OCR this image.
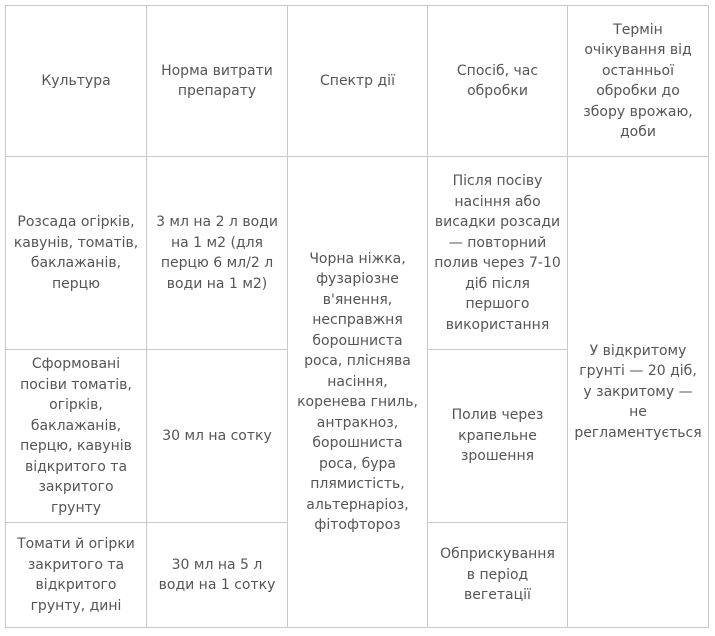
Культура	Норма витрати препарату	Спектр дії	Спосіб, час обробки	Термін очікування від останньої обробки до збору врожаю, доби
Розсада огірків, кавунів, томатів, баклажанів, перцю	3 мл на 2 л води на 1 м2 (для перцю 6 мл/2 л води на 1 м2)	Чорна ніжка, фузаріозне в'янення, несправжня борошниста роса, пліснява насіння, коренева гниль, антракноз, борошниста роса, бура плямистість, альтернаріоз, фітофтороз	Після посіву насіння або висадки розсади — повторний полив через 7-10 діб після першого використання	У відкритому грунті — 20 діб, у закритому — не регламентується
Сформовані посіви томатів, огірків, баклажанів, перцю, кавунів відкритого та закритого грунту	30 мл на сотку		Полив через крапельне зрошення	
Томати й огірки закритого та відкритого грунту, дині	30 мл на 5 л води на 1 сотку		Обприскування в період вегетації	
